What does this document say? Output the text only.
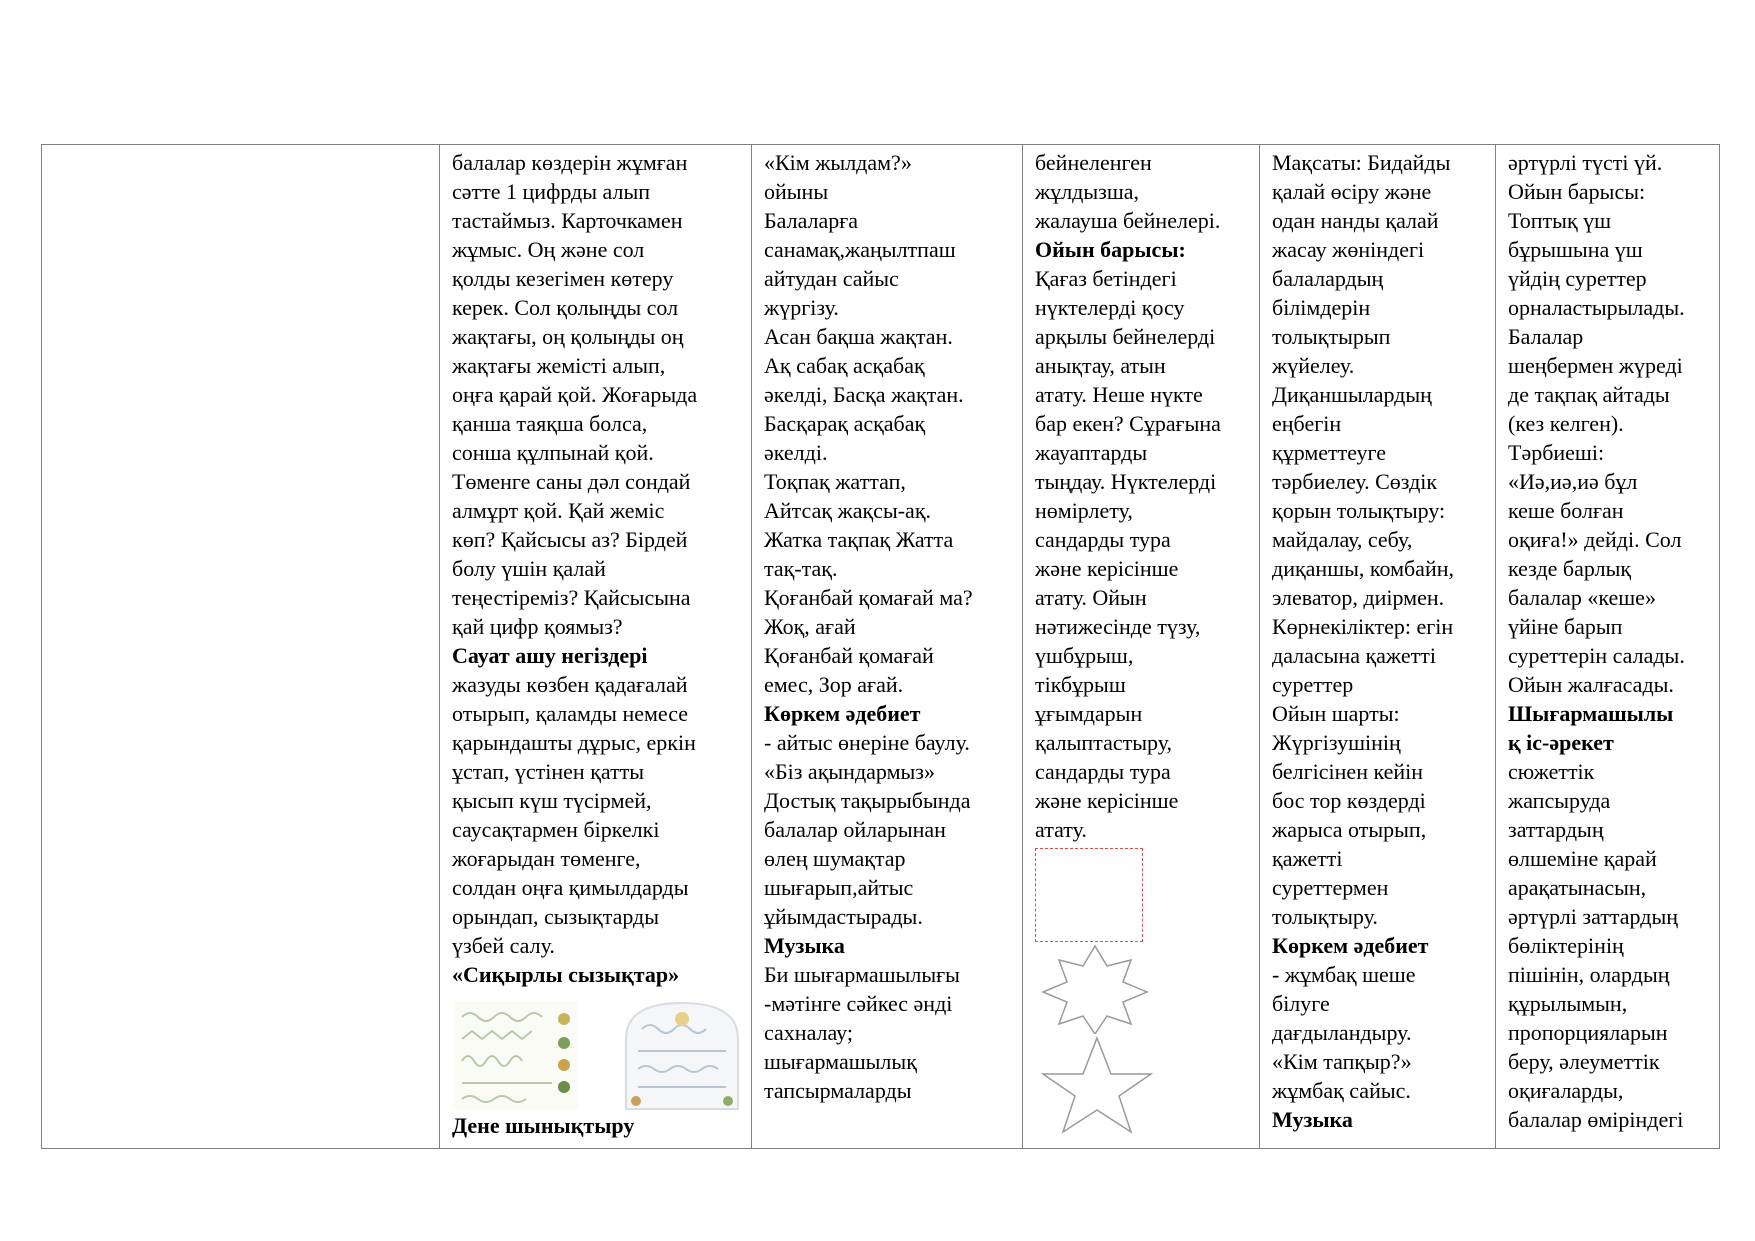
балалар көздерін жұмған
сәтте 1 цифрды алып
тастаймыз. Карточкамен
жұмыс. Оң және сол
қолды кезегімен көтеру
керек. Сол қолыңды сол
жақтағы, оң қолыңды оң
жақтағы жемісті алып,
оңға қарай қой. Жоғарыда
қанша таяқша болса,
сонша құлпынай қой.
Төменге саны дәл сондай
алмұрт қой. Қай жеміс
көп? Қайсысы аз? Бірдей
болу үшін қалай
теңестіреміз? Қайсысына
қай цифр қоямыз?
Сауат ашу негіздері
жазуды көзбен қадағалай
отырып, қаламды немесе
қарындашты дұрыс, еркін
ұстап, үстінен қатты
қысып күш түсірмей,
саусақтармен біркелкі
жоғарыдан төменге,
солдан оңға қимылдарды
орындап, сызықтарды
үзбей салу.
«Сиқырлы сызықтар»
Дене шынықтыру
«Кім жылдам?»
ойыны
Балаларға
санамақ,жаңылтпаш
айтудан сайыс
жүргізу.
Асан бақша жақтан.
Ақ сабақ асқабақ
әкелді, Басқа жақтан.
Басқарақ асқабақ
әкелді.
Тоқпақ жаттап,
Айтсақ жақсы-ақ.
Жатка тақпақ Жатта
тақ-тақ.
Қоғанбай қомағай ма?
Жоқ, ағай
Қоғанбай қомағай
емес, Зор ағай.
Көркем әдебиет
- айтыс өнеріне баулу.
«Біз ақындармыз»
Достық тақырыбында
балалар ойларынан
өлең шумақтар
шығарып,айтыс
ұйымдастырады.
Музыка
Би шығармашылығы
-мәтінге сәйкес әнді
сахналау;
шығармашылық
тапсырмаларды
бейнеленген
жұлдызша,
жалауша бейнелері.
Ойын барысы:
Қағаз бетіндегі
нүктелерді қосу
арқылы бейнелерді
анықтау, атын
атату. Неше нүкте
бар екен? Сұрағына
жауаптарды
тыңдау. Нүктелерді
нөмірлету,
сандарды тура
және керісінше
атату. Ойын
нәтижесінде түзу,
үшбұрыш,
тікбұрыш
ұғымдарын
қалыптастыру,
сандарды тура
және керісінше
атату.
Мақсаты: Бидайды
қалай өсіру және
одан нанды қалай
жасау жөніндегі
балалардың
білімдерін
толықтырып
жүйелеу.
Диқаншылардың
еңбегін
құрметтеуге
тәрбиелеу. Сөздік
қорын толықтыру:
майдалау, себу,
диқаншы, комбайн,
элеватор, диірмен.
Көрнекіліктер: егін
даласына қажетті
суреттер
Ойын шарты:
Жүргізушінің
белгісінен кейін
бос тор көздерді
жарыса отырып,
қажетті
суреттермен
толықтыру.
Көркем әдебиет
- жұмбақ шеше
білуге
дағдыландыру.
«Кім тапқыр?»
жұмбақ сайыс.
Музыка
әртүрлі түсті үй.
Ойын барысы:
Топтық үш
бұрышына үш
үйдің суреттер
орналастырылады.
Балалар
шеңбермен жүреді
де тақпақ айтады
(кез келген).
Тәрбиеші:
«Иә,иә,иә бұл
кеше болған
оқиға!» дейді. Сол
кезде барлық
балалар «кеше»
үйіне барып
суреттерін салады.
Ойын жалғасады.
Шығармашылы
қ іс-әрекет
сюжеттік
жапсыруда
заттардың
өлшеміне қарай
арақатынасын,
әртүрлі заттардың
бөліктерінің
пішінін, олардың
құрылымын,
пропорцияларын
беру, әлеуметтік
оқиғаларды,
балалар өміріндегі
